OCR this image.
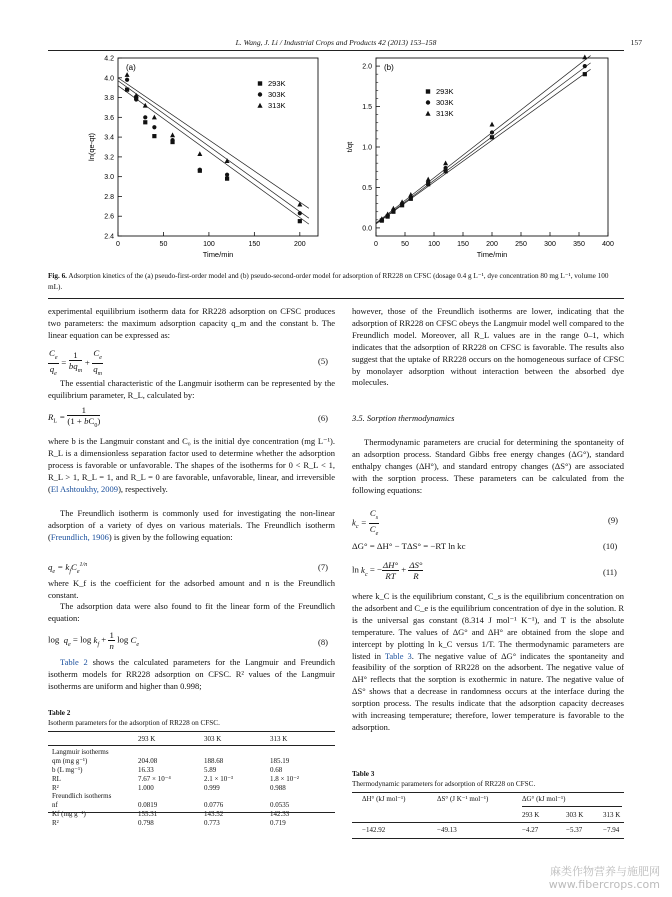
L. Wang, J. Li / Industrial Crops and Products 42 (2013) 153–158	157
0	50	100	150	200
2.4
2.6
2.8
3.0
3.2
3.4
3.6
3.8
4.0
4.2
Time/min
ln(qe-qt)
(a)
293K
303K
313K
0	50	100 150 200 250 300 350 400
0.0
0.5
1.0
1.5
2.0
Time/min
t/qt
(b)
293K
303K
313K
Fig. 6. Adsorption kinetics of the (a) pseudo-first-order model and (b) pseudo-second-order model for adsorption of RR228 on CFSC (dosage 0.4 g L⁻¹, dye concentration 80 mg L⁻¹, volume 100 mL).
experimental equilibrium isotherm data for RR228 adsorption on CFSC produces two parameters: the maximum adsorption capacity q_m and the constant b. The linear equation can be expressed as:
$\frac{C_e}{q_e} = \frac{1}{bq_m} + \frac{C_e}{q_m}$	(5)
The essential characteristic of the Langmuir isotherm can be represented by the equilibrium parameter, R_L, calculated by:
$R_L = \frac{1}{(1 + bC_0)}$	(6)
where b is the Langmuir constant and C₀ is the initial dye concentration (mg L⁻¹). R_L is a dimensionless separation factor used to determine whether the adsorption process is favorable or unfavorable. The shapes of the isotherms for 0 < R_L < 1, R_L > 1, R_L = 1, and R_L = 0 are favorable, unfavorable, linear, and irreversible (El Ashtoukhy, 2009), respectively.
The Freundlich isotherm is commonly used for investigating the non-linear adsorption of a variety of dyes on various materials. The Freundlich isotherm (Freundlich, 1906) is given by the following equation:
$q_e = k_fC_e^{1/n}$	(7)
where K_f is the coefficient for the adsorbed amount and n is the Freundlich constant.
The adsorption data were also found to fit the linear form of the Freundlich equation:
$\log q_e = \log k_f + \frac{1}{n}$ $\log C_e$	(8)
Table 2 shows the calculated parameters for the Langmuir and Freundich isotherm models for RR228 adsorption on CFSC. R² values of the Langmuir isotherms are uniform and higher than 0.998;
Table 2
Isotherm parameters for the adsorption of RR228 on CFSC.
	293 K	303 K	313 K

Langmuir isotherms			
qm (mg g⁻¹)	204.08	188.68	185.19
b (L mg⁻¹)	16.33	5.89	0.68
RL	7.67 × 10⁻⁴	2.1 × 10⁻³	1.8 × 10⁻²
R²	1.000	0.999	0.988
Freundlich isotherms			
nf	0.0819	0.0776	0.0535
Kf (mg g⁻¹)	155.31	143.52	142.33
R²	0.798	0.773	0.719
however, those of the Freundlich isotherms are lower, indicating that the adsorption of RR228 on CFSC obeys the Langmuir model well compared to the Freundlich model. Moreover, all R_L values are in the range 0–1, which indicates that the adsorption of RR228 on CFSC is favorable. The results also suggest that the uptake of RR228 occurs on the homogeneous surface of CFSC by monolayer adsorption without interaction between the absorbed dye molecules.
3.5. Sorption thermodynamics
Thermodynamic parameters are crucial for determining the spontaneity of an adsorption process. Standard Gibbs free energy changes (ΔG°), standard enthalpy changes (ΔH°), and standard entropy changes (ΔS°) are associated with the sorption process. These parameters can be calculated from the following equations:
$k_c = \frac{C_s}{C_e}$	(9)
ΔG° = ΔH° − TΔS° = −RT ln kc	(10)
$\ln k_c$ = − $\frac{\Delta H^\circ}{RT} + \frac{\Delta S^\circ}{R}$	(11)
where k_C is the equilibrium constant, C_s is the equilibrium concentration on the adsorbent and C_e is the equilibrium concentration of dye in the solution. R is the universal gas constant (8.314 J mol⁻¹ K⁻¹), and T is the absolute temperature. The values of ΔG° and ΔH° are obtained from the slope and intercept by plotting ln k_C versus 1/T. The thermodynamic parameters are listed in Table 3. The negative value of ΔG° indicates the spontaneity and feasibility of the sorption of RR228 on the adsorbent. The negative value of ΔH° reflects that the sorption is exothermic in nature. The negative value of ΔS° shows that a decrease in randomness occurs at the interface during the sorption process. The results indicate that the adsorption capacity decreases with increasing temperature; therefore, lower temperature is favorable to the adsorption.
Table 3
Thermodynamic parameters for adsorption of RR228 on CFSC.
ΔH° (kJ mol⁻¹)	ΔS° (J K⁻¹ mol⁻¹)	ΔG° (kJ mol⁻¹)
293 K	303 K	313 K
−142.92	−49.13	−4.27	−5.37	−7.94
麻类作物营养与施肥网
www.fibercrops.com
